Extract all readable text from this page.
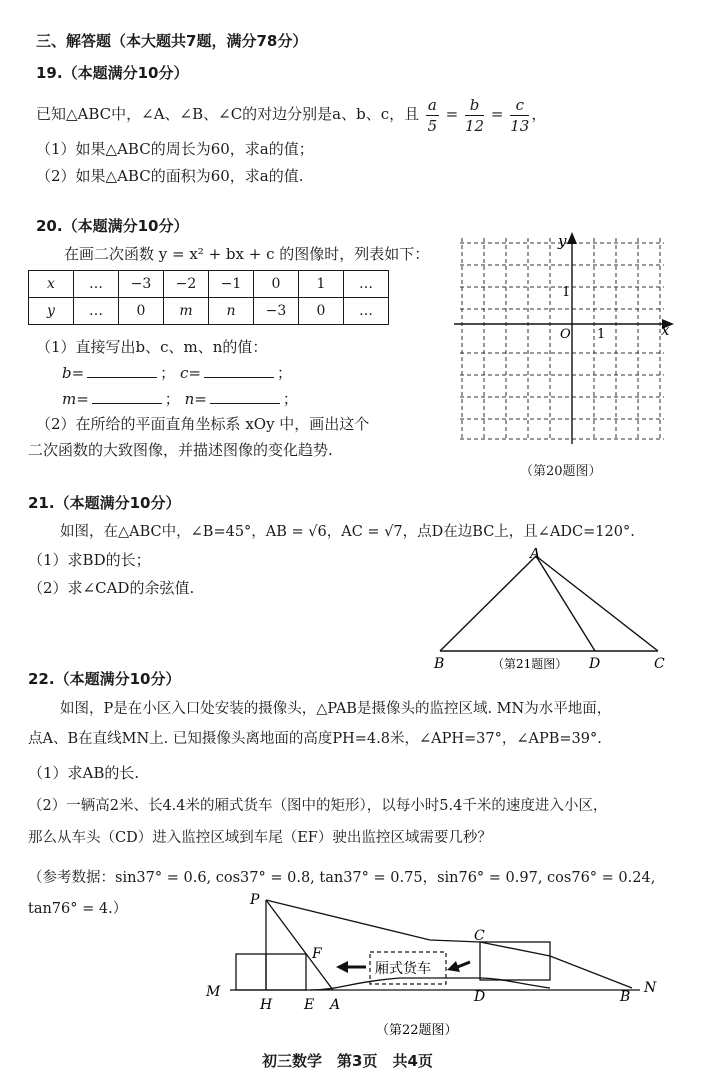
三、解答题（本大题共7题，满分78分）
19.（本题满分10分）
已知△ABC中，∠A、∠B、∠C的对边分别是a、b、c，且 $\frac{a}{5} = \frac{b}{12} = \frac{c}{13}$ ，
（1）如果△ABC的周长为60，求a的值；
（2）如果△ABC的面积为60，求a的值.
20.（本题满分10分）
在画二次函数 y = x² + bx + c 的图像时，列表如下：
x	…	−3	−2	−1	0	1	…
y	…	0	m	n	−3	0	…
（1）直接写出b、c、m、n的值：
b=	； c=	；
m=	； n=	；
（2）在所给的平面直角坐标系 xOy 中，画出这个
二次函数的大致图像，并描述图像的变化趋势.
x
y
O 1
1
（第20题图）
21.（本题满分10分）
如图，在△ABC中，∠B=45°，AB = √6，AC = √7，点D在边BC上，且∠ADC=120°.
（1）求BD的长；
（2）求∠CAD的余弦值.
A
B	D	C
（第21题图）
22.（本题满分10分）
如图，P是在小区入口处安装的摄像头，△PAB是摄像头的监控区域. MN为水平地面，
点A、B在直线MN上. 已知摄像头离地面的高度PH=4.8米，∠APH=37°，∠APB=39°.
（1）求AB的长.
（2）一辆高2米、长4.4米的厢式货车（图中的矩形），以每小时5.4千米的速度进入小区，
那么从车头（CD）进入监控区域到车尾（EF）驶出监控区域需要几秒？
（参考数据：sin37° = 0.6, cos37° = 0.8, tan37° = 0.75，sin76° = 0.97, cos76° = 0.24,
tan76° = 4.）
厢式货车
P
F
C
M
H E A	D	B
N
（第22题图）
初三数学　第3页　共4页
